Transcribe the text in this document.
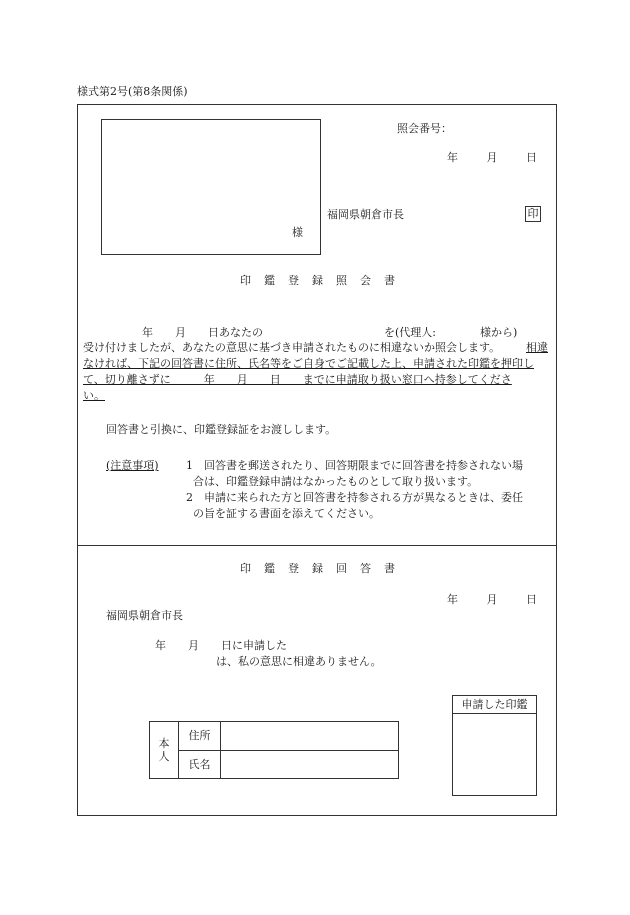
様式第2号(第8条関係)
様
照会番号：
年　 月　 日
福岡県朝倉市長	印
印鑑登録照会書
年　　月　　日あなたの　　　　　　　　　　　を(代理人:　　　　様から)
受け付けましたが、あなたの意思に基づき申請されたものに相違ないか照会します。 相違
なければ、下記の回答書に住所、氏名等をご自身でご記載した上、申請された印鑑を押印し
て、切り離さずに　　　年　　月　　日　　までに申請取り扱い窓口へ持参してくださ
い。
回答書と引換に、印鑑登録証をお渡しします。
(注意事項) 1 回答書を郵送されたり、回答期限までに回答書を持参されない場
合は、印鑑登録申請はなかったものとして取り扱います。
2 申請に来られた方と回答書を持参される方が異なるときは、委任
の旨を証する書面を添えてください。
印鑑登録回答書
年　 月　 日
福岡県朝倉市長
年　　月　　日に申請した
は、私の意思に相違ありません。
本人	住所	
	氏名	
申請した印鑑
